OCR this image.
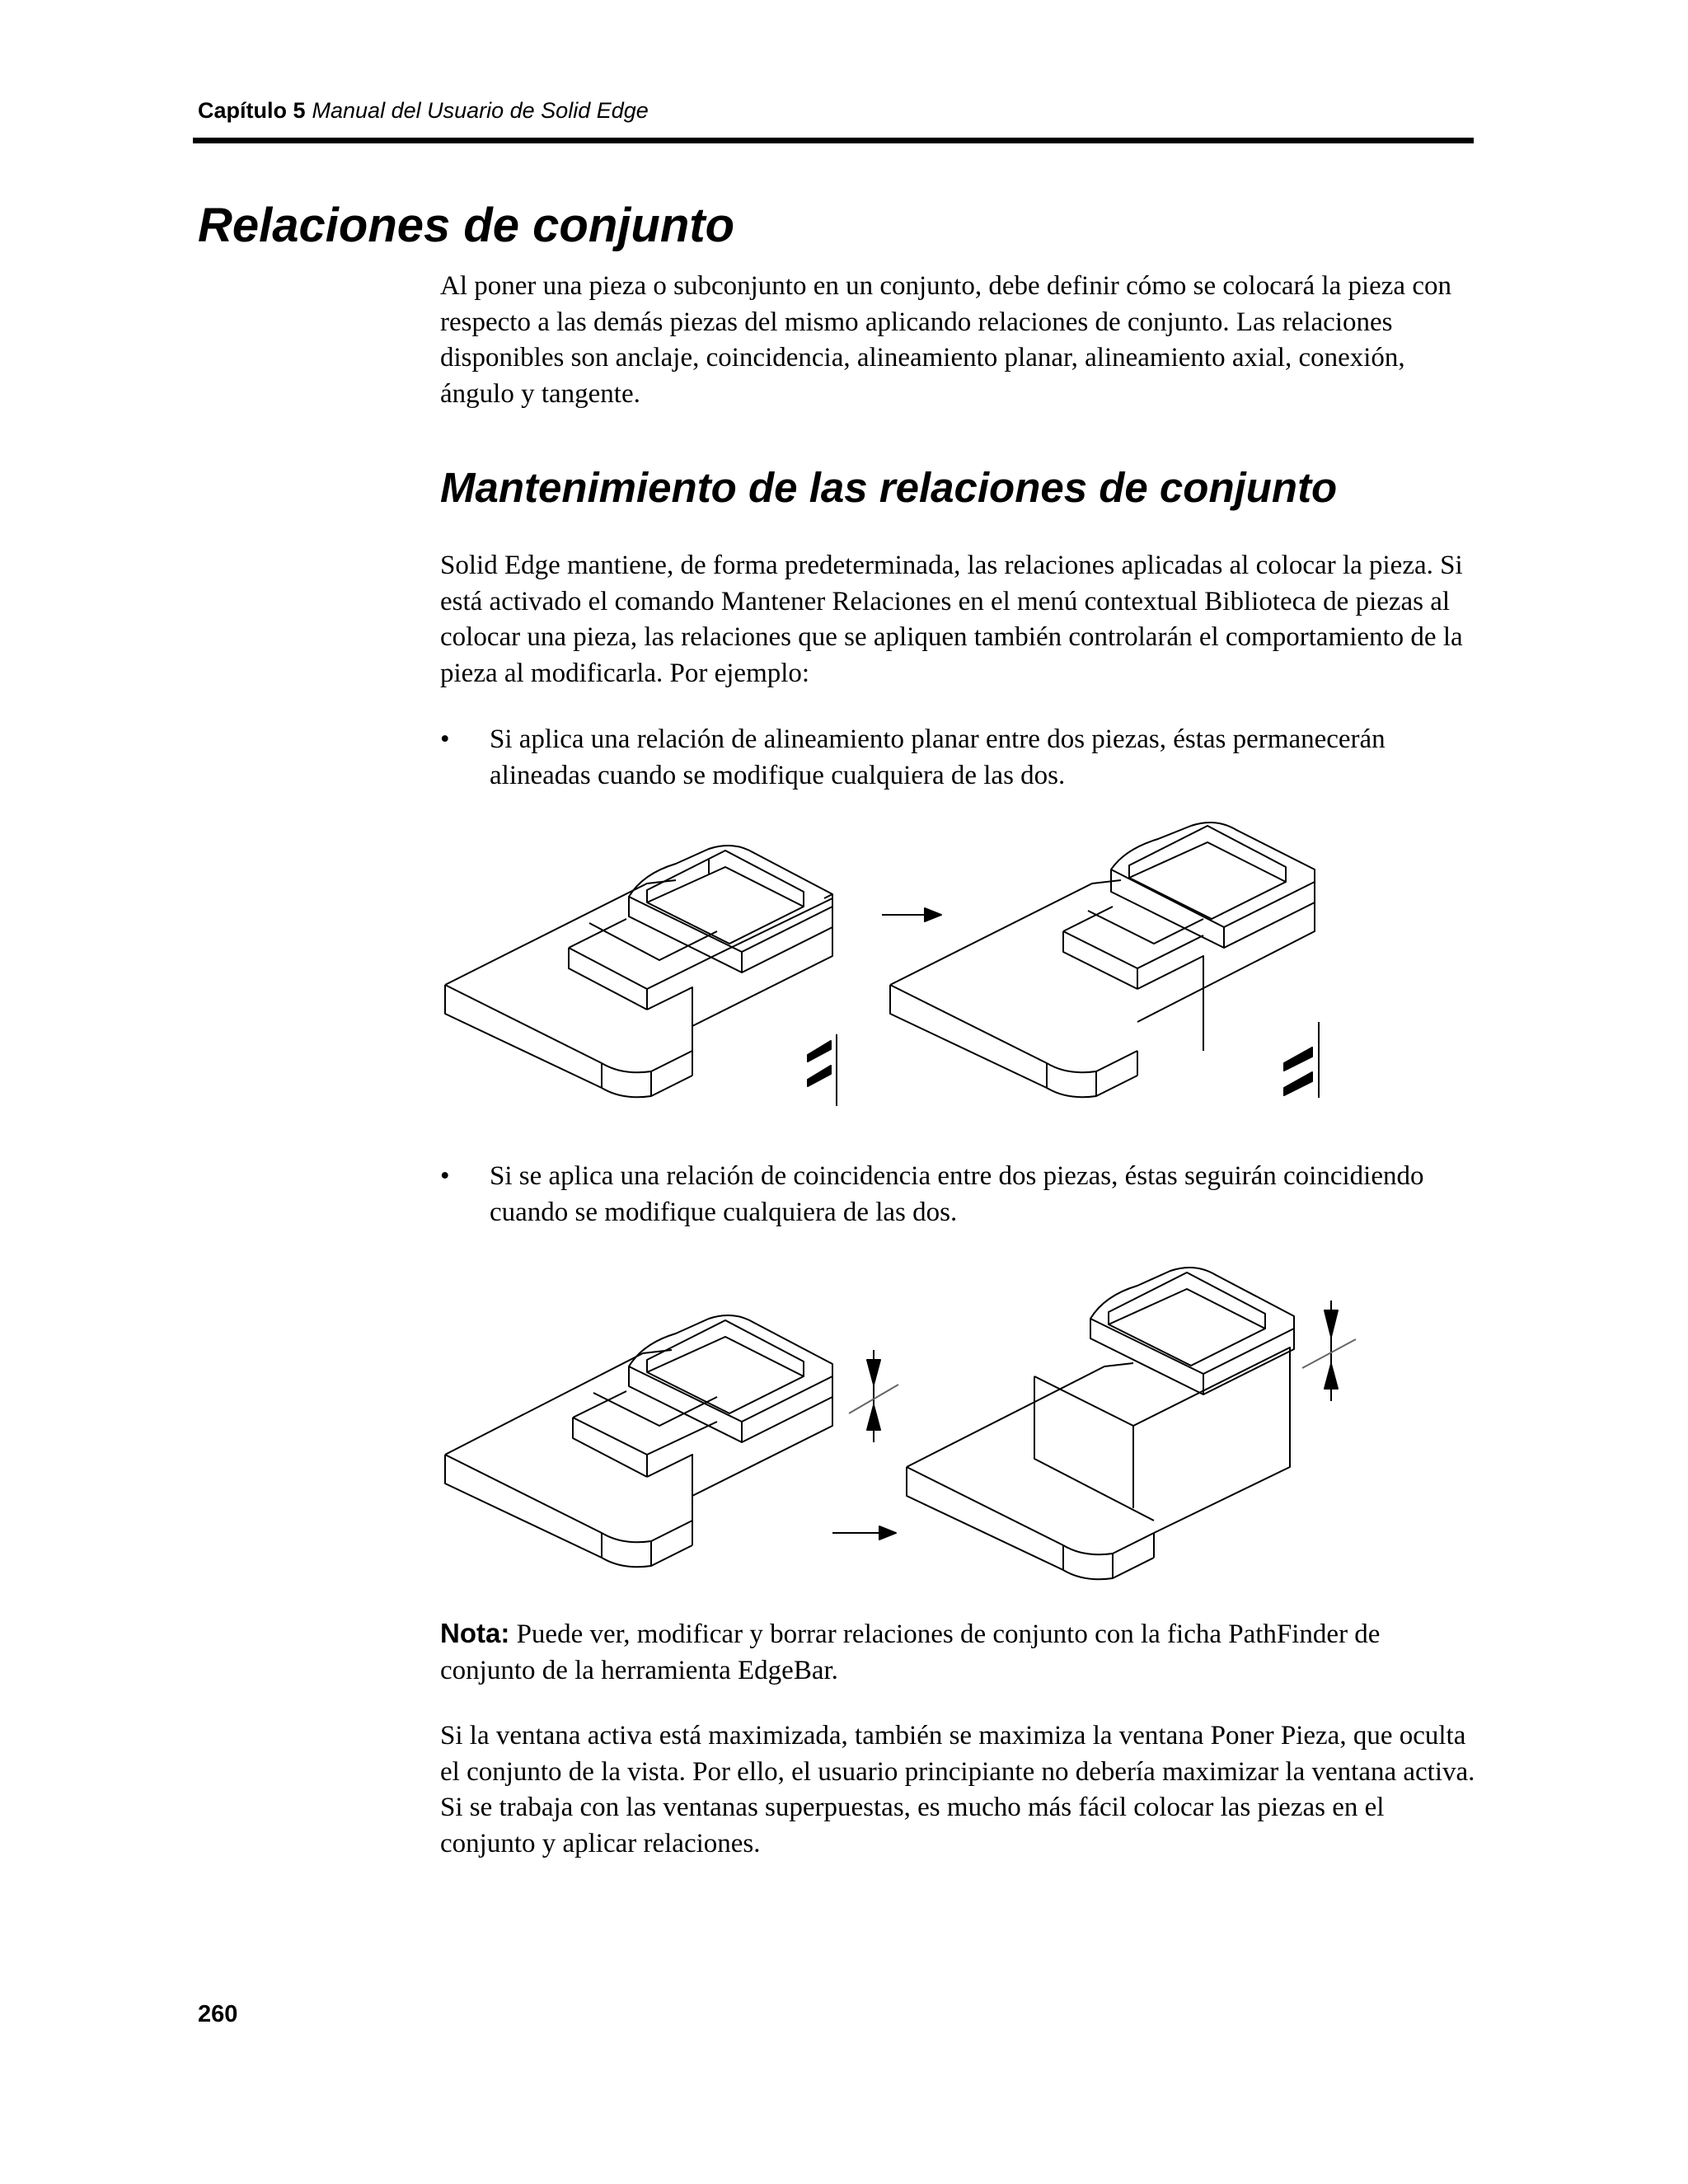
Capítulo 5 Manual del Usuario de Solid Edge
Relaciones de conjunto

Al poner una pieza o subconjunto en un conjunto, debe definir cómo se colocará la pieza con respecto a las demás piezas del mismo aplicando relaciones de conjunto. Las relaciones disponibles son anclaje, coincidencia, alineamiento planar, alineamiento axial, conexión, ángulo y tangente.

Mantenimiento de las relaciones de conjunto

Solid Edge mantiene, de forma predeterminada, las relaciones aplicadas al colocar la pieza. Si está activado el comando Mantener Relaciones en el menú contextual Biblioteca de piezas al colocar una pieza, las relaciones que se apliquen también controlarán el comportamiento de la pieza al modificarla. Por ejemplo:

• Si aplica una relación de alineamiento planar entre dos piezas, éstas permanecerán alineadas cuando se modifique cualquiera de las dos.
• Si se aplica una relación de coincidencia entre dos piezas, éstas seguirán coincidiendo cuando se modifique cualquiera de las dos.

Nota: Puede ver, modificar y borrar relaciones de conjunto con la ficha PathFinder de conjunto de la herramienta EdgeBar.

Si la ventana activa está maximizada, también se maximiza la ventana Poner Pieza, que oculta el conjunto de la vista. Por ello, el usuario principiante no debería maximizar la ventana activa. Si se trabaja con las ventanas superpuestas, es mucho más fácil colocar las piezas en el conjunto y aplicar relaciones.

260
